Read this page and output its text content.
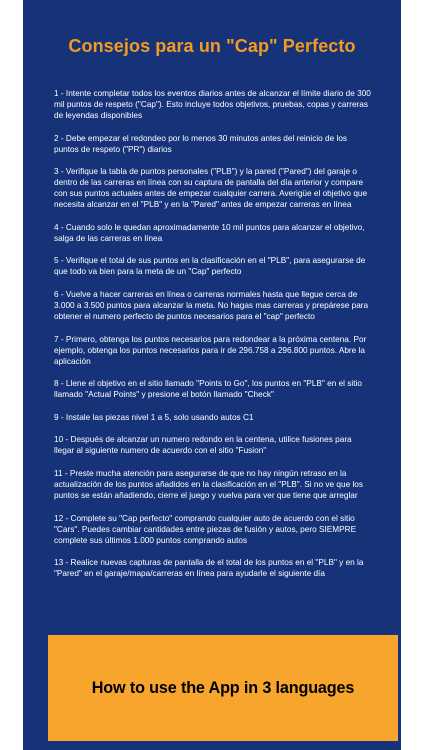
Consejos para un "Cap" Perfecto

1 - Intente completar todos los eventos diarios antes de alcanzar el límite diario de 300 mil puntos de respeto ("Cap"). Esto incluye todos objetivos, pruebas, copas y carreras de leyendas disponibles

2 - Debe empezar el redondeo por lo menos 30 minutos antes del reinicio de los puntos de respeto ("PR") diarios

3 - Verifique la tabla de puntos personales ("PLB") y la pared ("Pared") del garaje o dentro de las carreras en línea con su captura de pantalla del día anterior y compare con sus puntos actuales antes de empezar cualquier carrera. Averigüe el objetivo que necesita alcanzar en el "PLB" y en la "Pared" antes de empezar carreras en línea

4 - Cuando solo le quedan aproximadamente 10 mil puntos para alcanzar el objetivo, salga de las carreras en línea

5 - Verifique el total de sus puntos en la clasificación en el "PLB", para asegurarse de que todo va bien para la meta de un "Cap" perfecto

6 - Vuelve a hacer carreras en línea o carreras normales hasta que llegue cerca de 3.000 a 3.500 puntos para alcanzar la meta. No hagas mas carreras y prepárese para obtener el numero perfecto de puntos necesarios para el "cap" perfecto

7 - Primero, obtenga los puntos necesarios para redondear a la próxima centena. Por ejemplo, obtenga los puntos necesarios para ir de 296.758 a 296.800 puntos. Abre la aplicación

8 - Llene el objetivo en el sitio llamado "Points to Go", los puntos en "PLB" en el sitio llamado "Actual Points" y presione el botón llamado "Check"

9 - Instale las piezas nivel 1 a 5, solo usando autos C1

10 - Después de alcanzar un numero redondo en la centena, utilice fusiones para llegar al siguiente numero de acuerdo con el sitio "Fusion"

11 - Preste mucha atención para asegurarse de que no hay ningún retraso en la actualización de los puntos añadidos en la clasificación en el "PLB". Si no ve que los puntos se están añadiendo, cierre el juego y vuelva para ver que tiene que arreglar

12 - Complete su "Cap perfecto" comprando cualquier auto de acuerdo con el sitio "Cars". Puedes cambiar cantidades entre piezas de fusión y autos, pero SIEMPRE complete sus últimos 1.000 puntos comprando autos

13 - Realice nuevas capturas de pantalla de el total de los puntos en el "PLB" y en la "Pared" en el garaje/mapa/carreras en línea para ayudarle el siguiente día

How to use the App in 3 languages
